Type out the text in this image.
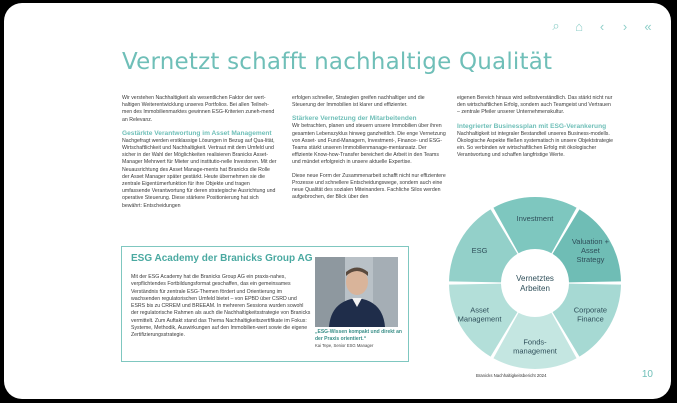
⌕ ⌂	‹	›	«
Vernetzt schafft nachhaltige Qualität

Wir verstehen Nachhaltigkeit als wesentlichen Faktor der wert-haltigen Weiterentwicklung unseres Portfolios. Bei allen Teilneh-men des Immobilienmarktes gewinnen ESG-Kriterien zuneh-mend an Relevanz.

Gestärkte Verantwortung im Asset Management

Nachgefragt werden erstklassige Lösungen in Bezug auf Qua-lität, Wirtschaftlichkeit und Nachhaltigkeit. Vertraut mit dem Umfeld und sicher in der Wahl der Möglichkeiten realisieren Branicks Asset-Manager Mehrwert für Mieter und institutio-nelle Investoren. Mit der Neuausrichtung des Asset Manage-ments hat Branicks die Rolle der Asset Manager später gestärkt. Heute übernehmen sie die zentrale Eigentümerfunktion für ihre Objekte und tragen umfassende Verantwortung für deren strategische Ausrichtung und operative Steuerung. Diese stärkere Positionierung hat sich bewährt: Entscheidungen

erfolgen schneller, Strategien greifen nachhaltiger und die Steuerung der Immobilien ist klarer und effizienter.

Stärkere Vernetzung der Mitarbeitenden

Wir betrachten, planen und steuern unsere Immobilien über ihren gesamten Lebenszyklus hinweg ganzheitlich. Die enge Vernetzung von Asset- und Fund-Managern, Investment-, Finance- und ESG-Teams stärkt unseren Immobilienmanage-mentansatz. Der effiziente Know-how-Transfer bereichert die Arbeit in den Teams und mündet erfolgreich in unsere aktuelle Expertise.

Diese neue Form der Zusammenarbeit schafft nicht nur effizientere Prozesse und schnellere Entscheidungswege, sondern auch eine neue Qualität des sozialen Miteinanders. Fachliche Silos werden aufgebrochen, der Blick über den

eigenen Bereich hinaus wird selbstverständlich. Das stärkt nicht nur den wirtschaftlichen Erfolg, sondern auch Teamgeist und Vertrauen – zentrale Pfeiler unserer Unternehmenskultur.

Integrierter Businessplan mit ESG-Verankerung

Nachhaltigkeit ist integraler Bestandteil unseres Business-modells. Ökologische Aspekte fließen systematisch in unsere Objektstrategie ein. So verbinden wir wirtschaftlichen Erfolg mit ökologischer Verantwortung und schaffen langfristige Werte.

ESG Academy der Branicks Group AG
Mit der ESG Academy hat die Branicks Group AG ein praxis-nahes, verpflichtendes Fortbildungsformat geschaffen, das ein gemeinsames Verständnis für zentrale ESG-Themen fördert und Orientierung im wachsenden regulatorischen Umfeld bietet – von EPBD über CSRD und ESRS bis zu CRREM und BREEAM. In mehreren Sessions wurden sowohl der regulatorische Rahmen als auch die Nachhaltigkeitsstrategie von Branicks vermittelt. Zum Auftakt stand das Thema Nachhaltigkeitszertifikate im Fokus: Systeme, Methodik, Auswirkungen auf den Immobilien-wert sowie die eigene Zertifizierungsstrategie.
„ESG-Wissen kompakt und direkt an der Praxis orientiert.“
Kai Tepe, Senior ESG Manager
Investment
Valuation + Asset Strategy
Corporate Finance
Fonds-management
Asset Management
ESG
Vernetztes Arbeiten
Branicks Nachhaltigkeitsbericht 2024	10
